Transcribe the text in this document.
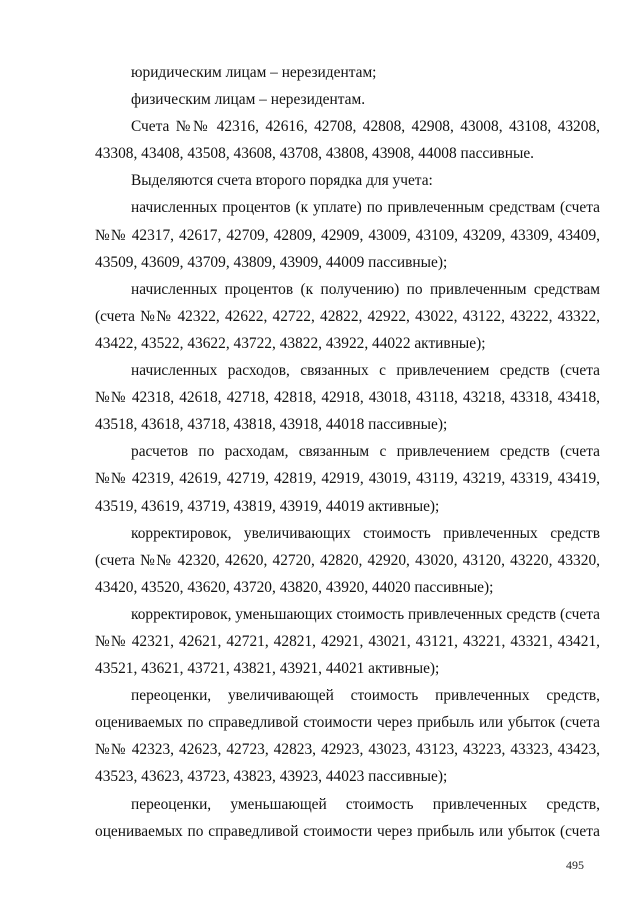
юридическим лицам – нерезидентам;
физическим лицам – нерезидентам.
Счета №№ 42316, 42616, 42708, 42808, 42908, 43008, 43108, 43208,
43308, 43408, 43508, 43608, 43708, 43808, 43908, 44008 пассивные.
Выделяются счета второго порядка для учета:
начисленных процентов (к уплате) по привлеченным средствам (счета
№№ 42317, 42617, 42709, 42809, 42909, 43009, 43109, 43209, 43309, 43409,
43509, 43609, 43709, 43809, 43909, 44009 пассивные);
начисленных процентов (к получению) по привлеченным средствам
(счета №№ 42322, 42622, 42722, 42822, 42922, 43022, 43122, 43222, 43322,
43422, 43522, 43622, 43722, 43822, 43922, 44022 активные);
начисленных расходов, связанных с привлечением средств (счета
№№ 42318, 42618, 42718, 42818, 42918, 43018, 43118, 43218, 43318, 43418,
43518, 43618, 43718, 43818, 43918, 44018 пассивные);
расчетов по расходам, связанным с привлечением средств (счета
№№ 42319, 42619, 42719, 42819, 42919, 43019, 43119, 43219, 43319, 43419,
43519, 43619, 43719, 43819, 43919, 44019 активные);
корректировок, увеличивающих стоимость привлеченных средств
(счета №№ 42320, 42620, 42720, 42820, 42920, 43020, 43120, 43220, 43320,
43420, 43520, 43620, 43720, 43820, 43920, 44020 пассивные);
корректировок, уменьшающих стоимость привлеченных средств (счета
№№ 42321, 42621, 42721, 42821, 42921, 43021, 43121, 43221, 43321, 43421,
43521, 43621, 43721, 43821, 43921, 44021 активные);
переоценки, увеличивающей стоимость привлеченных средств,
оцениваемых по справедливой стоимости через прибыль или убыток (счета
№№ 42323, 42623, 42723, 42823, 42923, 43023, 43123, 43223, 43323, 43423,
43523, 43623, 43723, 43823, 43923, 44023 пассивные);
переоценки, уменьшающей стоимость привлеченных средств,
оцениваемых по справедливой стоимости через прибыль или убыток (счета
495
